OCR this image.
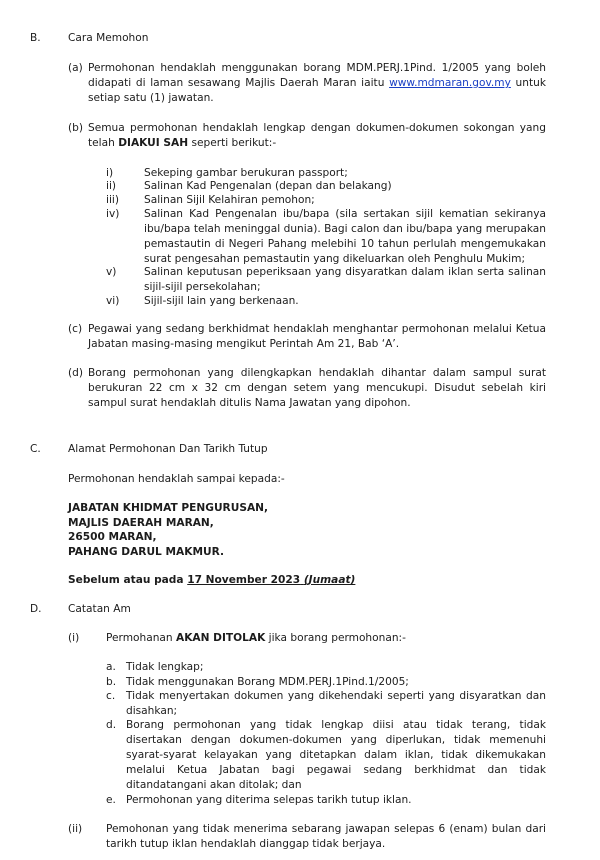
B.	Cara Memohon
(a) Permohonan hendaklah menggunakan borang MDM.PERJ.1Pind. 1/2005 yang boleh didapati di laman sesawang Majlis Daerah Maran iaitu www.mdmaran.gov.my untuk setiap satu (1) jawatan.
(b) Semua permohonan hendaklah lengkap dengan dokumen-dokumen sokongan yang telah DIAKUI SAH seperti berikut:-
i)	Sekeping gambar berukuran passport;
ii)	Salinan Kad Pengenalan (depan dan belakang)
iii) Salinan Sijil Kelahiran pemohon;
iv) Salinan Kad Pengenalan ibu/bapa (sila sertakan sijil kematian sekiranya ibu/bapa telah meninggal dunia). Bagi calon dan ibu/bapa yang merupakan pemastautin di Negeri Pahang melebihi 10 tahun perlulah mengemukakan surat pengesahan pemastautin yang dikeluarkan oleh Penghulu Mukim;
v)	Salinan keputusan peperiksaan yang disyaratkan dalam iklan serta salinan sijil-sijil persekolahan;
vi) Sijil-sijil lain yang berkenaan.
(c) Pegawai yang sedang berkhidmat hendaklah menghantar permohonan melalui Ketua Jabatan masing-masing mengikut Perintah Am 21, Bab ‘A’.
(d) Borang permohonan yang dilengkapkan hendaklah dihantar dalam sampul surat berukuran 22 cm x 32 cm dengan setem yang mencukupi. Disudut sebelah kiri sampul surat hendaklah ditulis Nama Jawatan yang dipohon.
C.	Alamat Permohonan Dan Tarikh Tutup
Permohonan hendaklah sampai kepada:-
JABATAN KHIDMAT PENGURUSAN,
MAJLIS DAERAH MARAN,
26500 MARAN,
PAHANG DARUL MAKMUR.
Sebelum atau pada 17 November 2023 (Jumaat)
D. Catatan Am
(i)	Permohanan AKAN DITOLAK jika borang permohonan:-
a. Tidak lengkap;
b. Tidak menggunakan Borang MDM.PERJ.1Pind.1/2005;
c. Tidak menyertakan dokumen yang dikehendaki seperti yang disyaratkan dan disahkan;
d. Borang permohonan yang tidak lengkap diisi atau tidak terang, tidak disertakan dengan dokumen-dokumen yang diperlukan, tidak memenuhi syarat-syarat kelayakan yang ditetapkan dalam iklan, tidak dikemukakan melalui Ketua Jabatan bagi pegawai sedang berkhidmat dan tidak ditandatangani akan ditolak; dan
e. Permohonan yang diterima selepas tarikh tutup iklan.
(ii) Pemohonan yang tidak menerima sebarang jawapan selepas 6 (enam) bulan dari tarikh tutup iklan hendaklah dianggap tidak berjaya.
